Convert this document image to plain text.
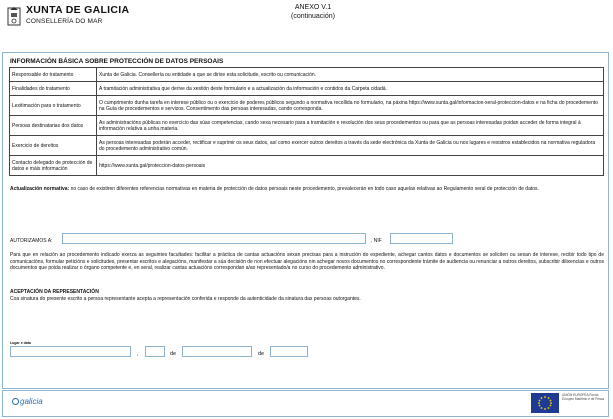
XUNTA DE GALICIA
CONSELLERÍA DO MAR
ANEXO V.1
(continuación)
INFORMACIÓN BÁSICA SOBRE PROTECCIÓN DE DATOS PERSOAIS
Responsable do tratamento	Xunta de Galicia. Consellería ou entidade a que se dirixe esta solicitude, escrito ou comunicación.
Finalidades do tratamento	A tramitación administrativa que derive da xestión deste formulario e a actualización da información e contidos da Carpeta cidadá.
Lexitimación para o tratamento	O cumprimento dunha tarefa en interese público ou o exercicio de poderes públicos segundo a normativa recollida no formulario, na páxina https://www.xunta.gal/informacion-xeral-proteccion-datos e na ficha do procedemento na Guía de procedementos e servizos. Consentimento das persoas interesadas, cando corresponda.
Persoas destinatarias dos datos	As administracións públicas no exercicio das súas competencias, cando sexa necesario para a tramitación e resolución dos seus procedementos ou para que as persoas interesadas poidan acceder de forma integral á información relativa a unha materia.
Exercicio de dereitos	As persoas interesadas poderán acceder, rectificar e suprimir os seus datos, así como exercer outros dereitos a través da sede electrónica da Xunta de Galicia ou nos lugares e rexistros establecidos na normativa reguladora do procedemento administrativo común.
Contacto delegado de protección de datos e máis información	https://www.xunta.gal/proteccion-datos-persoais
Actualización normativa: no caso de existiren diferentes referencias normativas en materia de protección de datos persoais neste procedemento, prevalecerán en todo caso aquelas relativas ao Regulamento xeral de protección de datos.
AUTORIZAMOS A:	, NIF
Para que en relación ao procedemento indicado exerza as seguintes facultades: facilitar a práctica de cantas actuacións sexan precisas para a instrución do expediente, achegar cantos datos e documentos se soliciten ou sexan de interese, recibir todo tipo de comunicacións, formular peticións e solicitudes, presentar escritos e alegacións, manifestar a súa decisión de non efectuar alegacións nin achegar novos documentos no correspondente trámite de audiencia ou renunciar a outros dereitos, subscribir dilixencias e outros documentos que poida realizar o órgano competente e, en xeral, realizar cantas actuacións correspondan a/ao representado/a no curso do procedemento administrativo.
ACEPTACIÓN DA REPRESENTACIÓN
Coa sinatura do presente escrito a persoa representante acepta a representación conferida e responde da autenticidade da sinatura das persoas outorgantes.
Lugar e data
,	de	de
galicia
UNIÓN EUROPEA Fondo Europeo Marítimo e de Pesca
